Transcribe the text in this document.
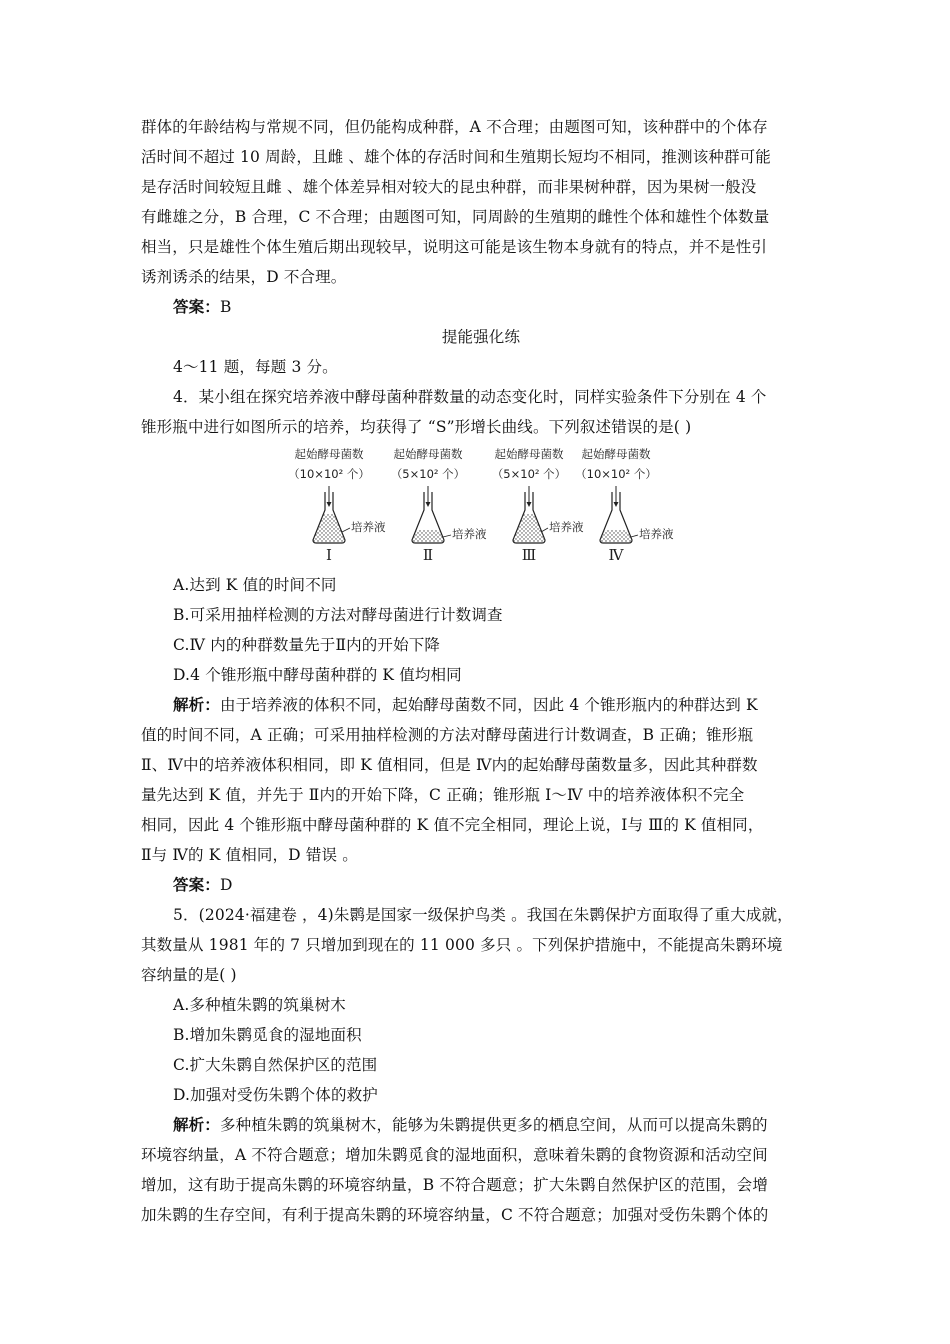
群体的年龄结构与常规不同，但仍能构成种群，A 不合理；由题图可知，该种群中的个体存
活时间不超过 10 周龄，且雌 、雄个体的存活时间和生殖期长短均不相同，推测该种群可能
是存活时间较短且雌 、雄个体差异相对较大的昆虫种群，而非果树种群，因为果树一般没
有雌雄之分，B 合理，C 不合理；由题图可知，同周龄的生殖期的雌性个体和雄性个体数量
相当，只是雄性个体生殖后期出现较早，说明这可能是该生物本身就有的特点，并不是性引
诱剂诱杀的结果，D 不合理。
答案：B
提能强化练
4～11 题，每题 3 分。
4．某小组在探究培养液中酵母菌种群数量的动态变化时，同样实验条件下分别在 4 个
锥形瓶中进行如图所示的培养，均获得了 “S”形增长曲线。下列叙述错误的是( )
起始酵母菌数
（10×10² 个）
培养液
Ⅰ
起始酵母菌数
（5×10² 个）
培养液
Ⅱ
起始酵母菌数
（5×10² 个）
培养液
Ⅲ
起始酵母菌数
（10×10² 个）
培养液
Ⅳ
A.达到 K 值的时间不同
B.可采用抽样检测的方法对酵母菌进行计数调查
C.Ⅳ 内的种群数量先于Ⅱ内的开始下降
D.4 个锥形瓶中酵母菌种群的 K 值均相同
解析：由于培养液的体积不同，起始酵母菌数不同，因此 4 个锥形瓶内的种群达到 K
值的时间不同，A 正确；可采用抽样检测的方法对酵母菌进行计数调查，B 正确；锥形瓶
Ⅱ、Ⅳ中的培养液体积相同，即 K 值相同，但是 Ⅳ内的起始酵母菌数量多，因此其种群数
量先达到 K 值，并先于 Ⅱ内的开始下降，C 正确；锥形瓶 Ⅰ～Ⅳ 中的培养液体积不完全
相同，因此 4 个锥形瓶中酵母菌种群的 K 值不完全相同，理论上说，Ⅰ与 Ⅲ的 K 值相同，
Ⅱ与 Ⅳ的 K 值相同，D 错误 。
答案：D
5．(2024·福建卷 ，4)朱鹮是国家一级保护鸟类 。我国在朱鹮保护方面取得了重大成就，
其数量从 1981 年的 7 只增加到现在的 11 000 多只 。下列保护措施中，不能提高朱鹮环境
容纳量的是( )
A.多种植朱鹮的筑巢树木
B.增加朱鹮觅食的湿地面积
C.扩大朱鹮自然保护区的范围
D.加强对受伤朱鹮个体的救护
解析：多种植朱鹮的筑巢树木，能够为朱鹮提供更多的栖息空间，从而可以提高朱鹮的
环境容纳量，A 不符合题意；增加朱鹮觅食的湿地面积，意味着朱鹮的食物资源和活动空间
增加，这有助于提高朱鹮的环境容纳量，B 不符合题意；扩大朱鹮自然保护区的范围，会增
加朱鹮的生存空间，有利于提高朱鹮的环境容纳量，C 不符合题意；加强对受伤朱鹮个体的
